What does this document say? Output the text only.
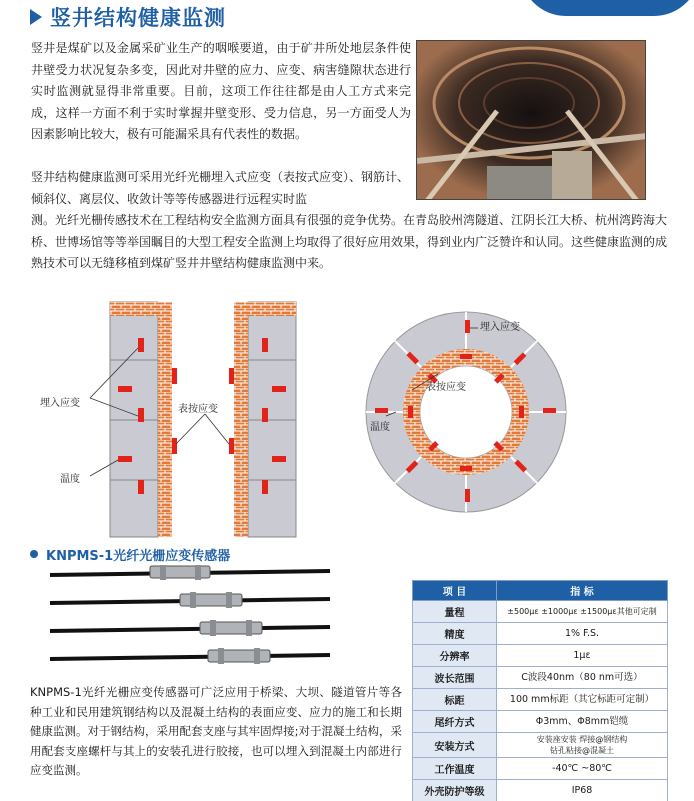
竖井结构健康监测

竖井是煤矿以及金属采矿业生产的咽喉要道，由于矿井所处地层条件使井壁受力状况复杂多变，因此对井壁的应力、应变、病害缝隙状态进行实时监测就显得非常重要。目前，这项工作往往都是由人工方式来完成，这样一方面不利于实时掌握井壁变形、受力信息，另一方面受人为因素影响比较大，极有可能漏采具有代表性的数据。

竖井结构健康监测可采用光纤光栅埋入式应变（表按式应变）、钢筋计、倾斜仪、离层仪、收敛计等等传感器进行远程实时监

测。光纤光栅传感技术在工程结构安全监测方面具有很强的竞争优势。在青岛胶州湾隧道、江阴长江大桥、杭州湾跨海大桥、世博场馆等等举国瞩目的大型工程安全监测上均取得了很好应用效果，得到业内广泛赞许和认同。这些健康监测的成熟技术可以无缝移植到煤矿竖井井壁结构健康监测中来。

埋入应变
表按应变
温度
埋入应变
表按应变
温度
KNPMS-1光纤光栅应变传感器

KNPMS-1光纤光栅应变传感器可广泛应用于桥梁、大坝、隧道管片等各种工业和民用建筑钢结构以及混凝土结构的表面应变、应力的施工和长期健康监测。对于钢结构，采用配套支座与其牢固焊接;对于混凝土结构，采用配套支座螺杆与其上的安装孔进行胶接，也可以埋入到混凝土内部进行应变监测。

项 目	指 标
量程	±500με ±1000με ±1500με其他可定制
精度	1% F.S.
分辨率	1με
波长范围	C波段40nm（80 nm可选）
标距	100 mm标距（其它标距可定制）
尾纤方式	Φ3mm、Φ8mm铠缆
安装方式	安装座安装 焊接@钢结构
钻孔粘接@混凝土
工作温度	-40℃ ~80℃
外壳防护等级	IP68
